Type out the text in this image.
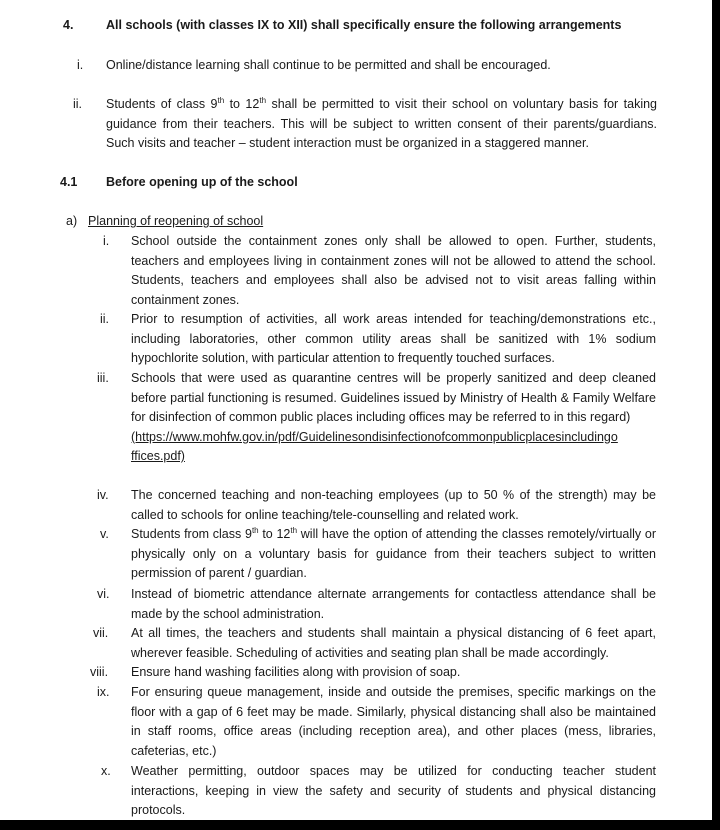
4.	All schools (with classes IX to XII) shall specifically ensure the following arrangements
i. Online/distance learning shall continue to be permitted and shall be encouraged.
ii. Students of class 9th to 12th shall be permitted to visit their school on voluntary basis for taking guidance from their teachers. This will be subject to written consent of their parents/guardians. Such visits and teacher – student interaction must be organized in a staggered manner.
4.1 Before opening up of the school
a) Planning of reopening of school
i. School outside the containment zones only shall be allowed to open. Further, students, teachers and employees living in containment zones will not be allowed to attend the school. Students, teachers and employees shall also be advised not to visit areas falling within containment zones.
ii. Prior to resumption of activities, all work areas intended for teaching/demonstrations etc., including laboratories, other common utility areas shall be sanitized with 1% sodium hypochlorite solution, with particular attention to frequently touched surfaces.
iii. Schools that were used as quarantine centres will be properly sanitized and deep cleaned before partial functioning is resumed. Guidelines issued by Ministry of Health & Family Welfare for disinfection of common public places including offices may be referred to in this regard)
(https://www.mohfw.gov.in/pdf/Guidelinesondisinfectionofcommonpublicplacesincludingo
ffices.pdf)
iv. The concerned teaching and non-teaching employees (up to 50 % of the strength) may be called to schools for online teaching/tele-counselling and related work.
v. Students from class 9th to 12th will have the option of attending the classes remotely/virtually or physically only on a voluntary basis for guidance from their teachers subject to written permission of parent / guardian.
vi. Instead of biometric attendance alternate arrangements for contactless attendance shall be made by the school administration.
vii. At all times, the teachers and students shall maintain a physical distancing of 6 feet apart, wherever feasible. Scheduling of activities and seating plan shall be made accordingly.
viii. Ensure hand washing facilities along with provision of soap.
ix. For ensuring queue management, inside and outside the premises, specific markings on the floor with a gap of 6 feet may be made. Similarly, physical distancing shall also be maintained in staff rooms, office areas (including reception area), and other places (mess, libraries, cafeterias, etc.)
x. Weather permitting, outdoor spaces may be utilized for conducting teacher student interactions, keeping in view the safety and security of students and physical distancing protocols.
